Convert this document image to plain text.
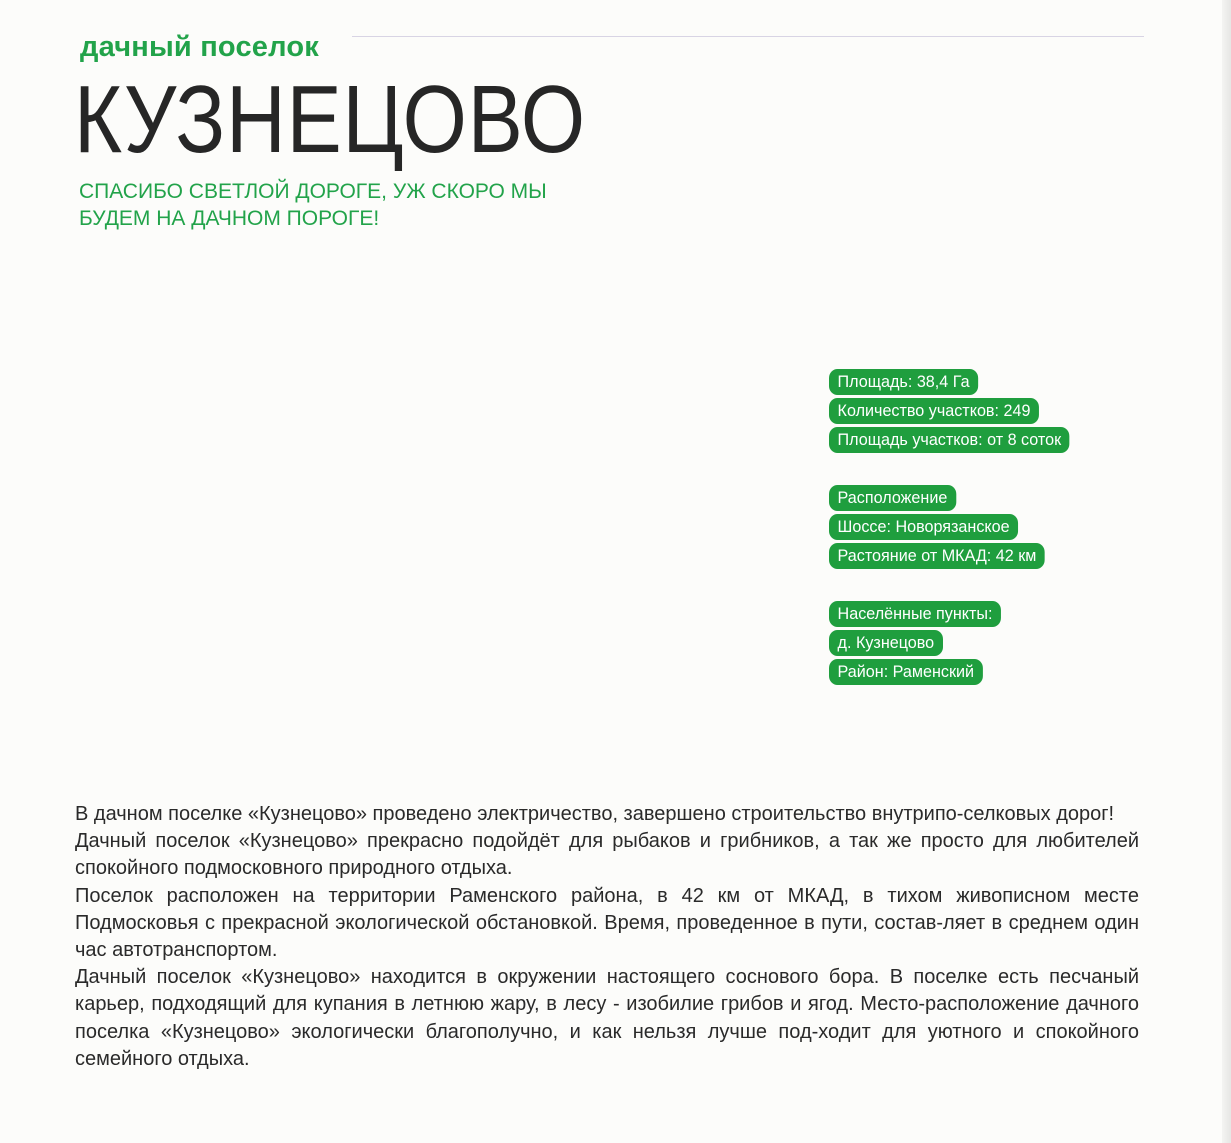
дачный поселок
КУЗНЕЦОВО
СПАСИБО СВЕТЛОЙ ДОРОГЕ, УЖ СКОРО МЫ
БУДЕМ НА ДАЧНОМ ПОРОГЕ!
Площадь: 38,4 Га
Количество участков: 249
Площадь участков: от 8 соток
Расположение
Шоссе: Новорязанское
Растояние от МКАД: 42 км
Населённые пункты:
д. Кузнецово
Район: Раменский

В дачном поселке «Кузнецово» проведено электричество, завершено строительство внутрипо-селковых дорог!

Дачный поселок «Кузнецово» прекрасно подойдёт для рыбаков и грибников, а так же просто для любителей спокойного подмосковного природного отдыха.

Поселок расположен на территории Раменского района, в 42 км от МКАД, в тихом живописном месте Подмосковья с прекрасной экологической обстановкой. Время, проведенное в пути, состав-ляет в среднем один час автотранспортом.

Дачный поселок «Кузнецово» находится в окружении настоящего соснового бора. В поселке есть песчаный карьер, подходящий для купания в летнюю жару, в лесу - изобилие грибов и ягод. Место-расположение дачного поселка «Кузнецово» экологически благополучно, и как нельзя лучше под-ходит для уютного и спокойного семейного отдыха.
